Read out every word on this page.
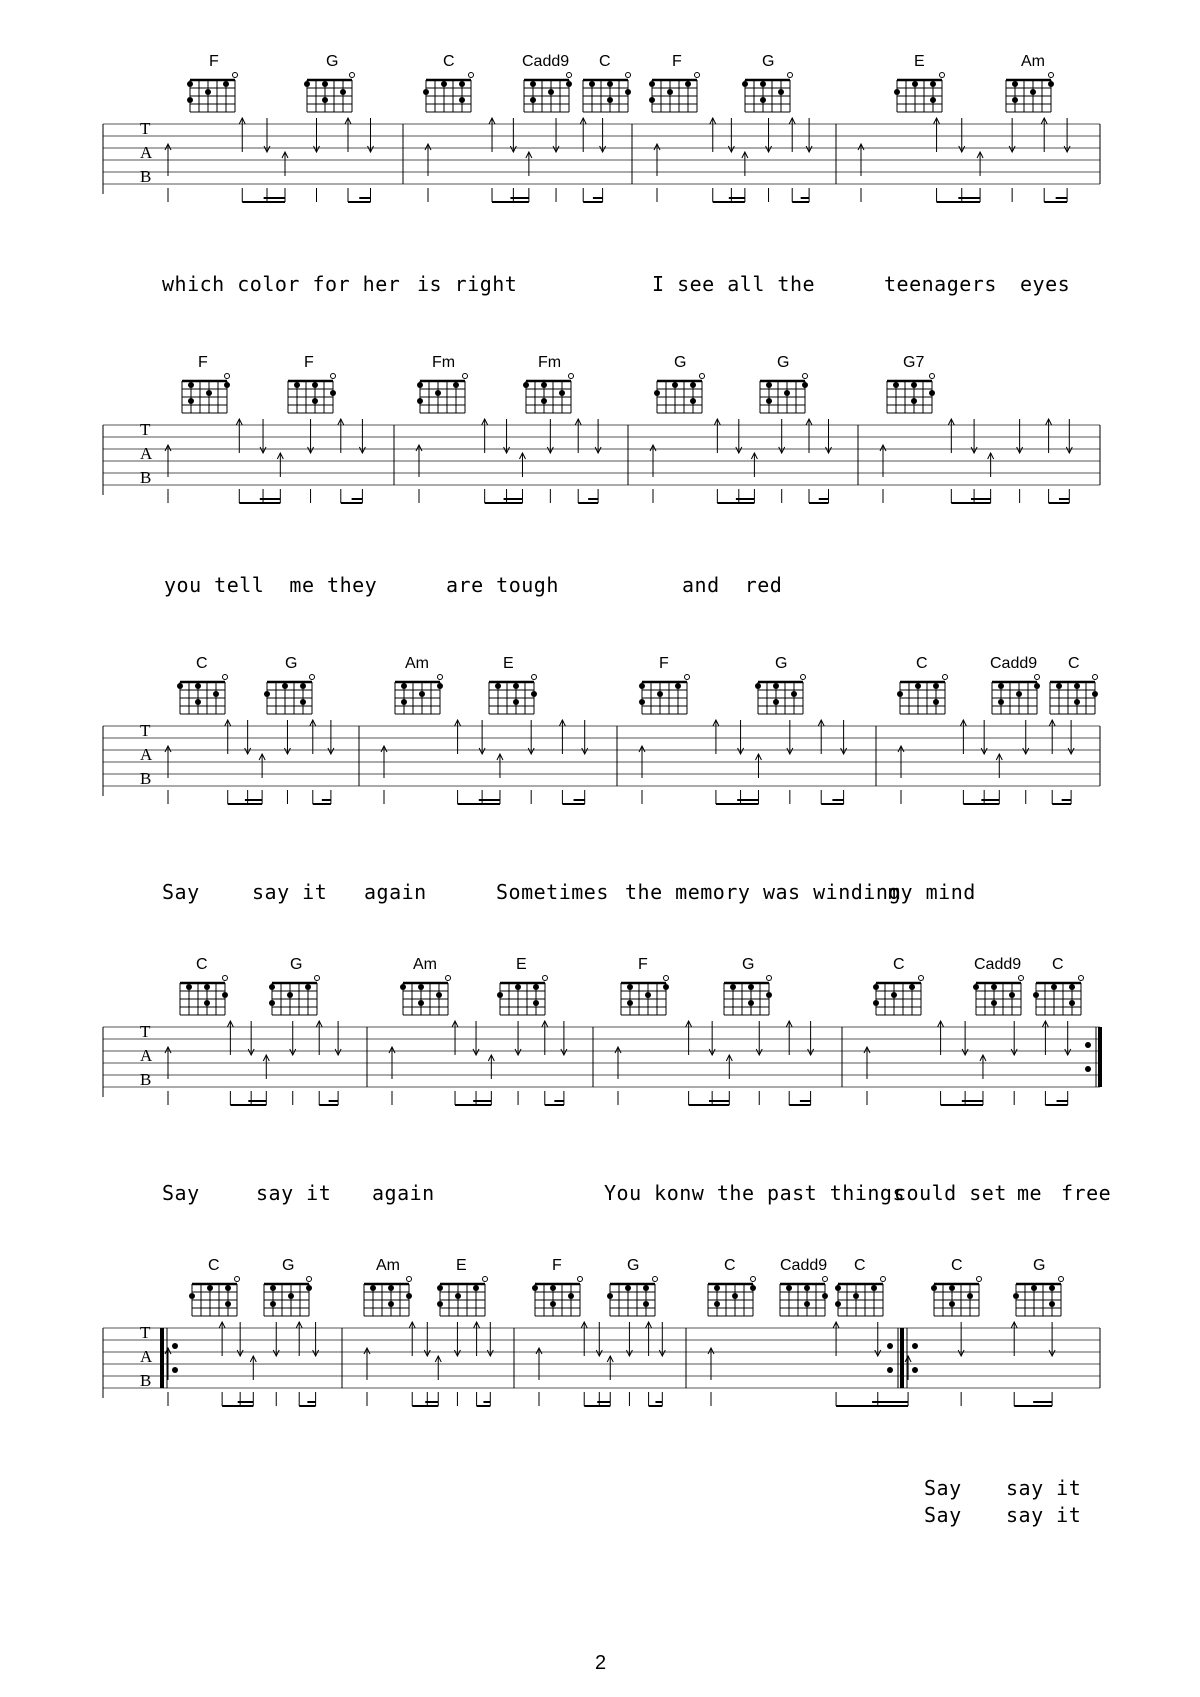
F	G	C	Cadd9 C	F	G	E	Am
T
A
B
which color for her is right	I see all the	teenagers eyes
F	F	Fm	Fm	G	G	G7
T
A
B
you tell  me they	are tough	and  red
C	G	Am	E	F	G	C	Cadd9 C
T
A
B
Say	say it again	Sometimes the memory was winding
my mind
C	G	Am	E	F	G	C	Cadd9 C
T
A
B
Say	say it again	You konw the past things
could set me free
C	G	Am	E	F	G	C	Cadd9 C	C	G
T
A
B
Say say it
Say say it
2
